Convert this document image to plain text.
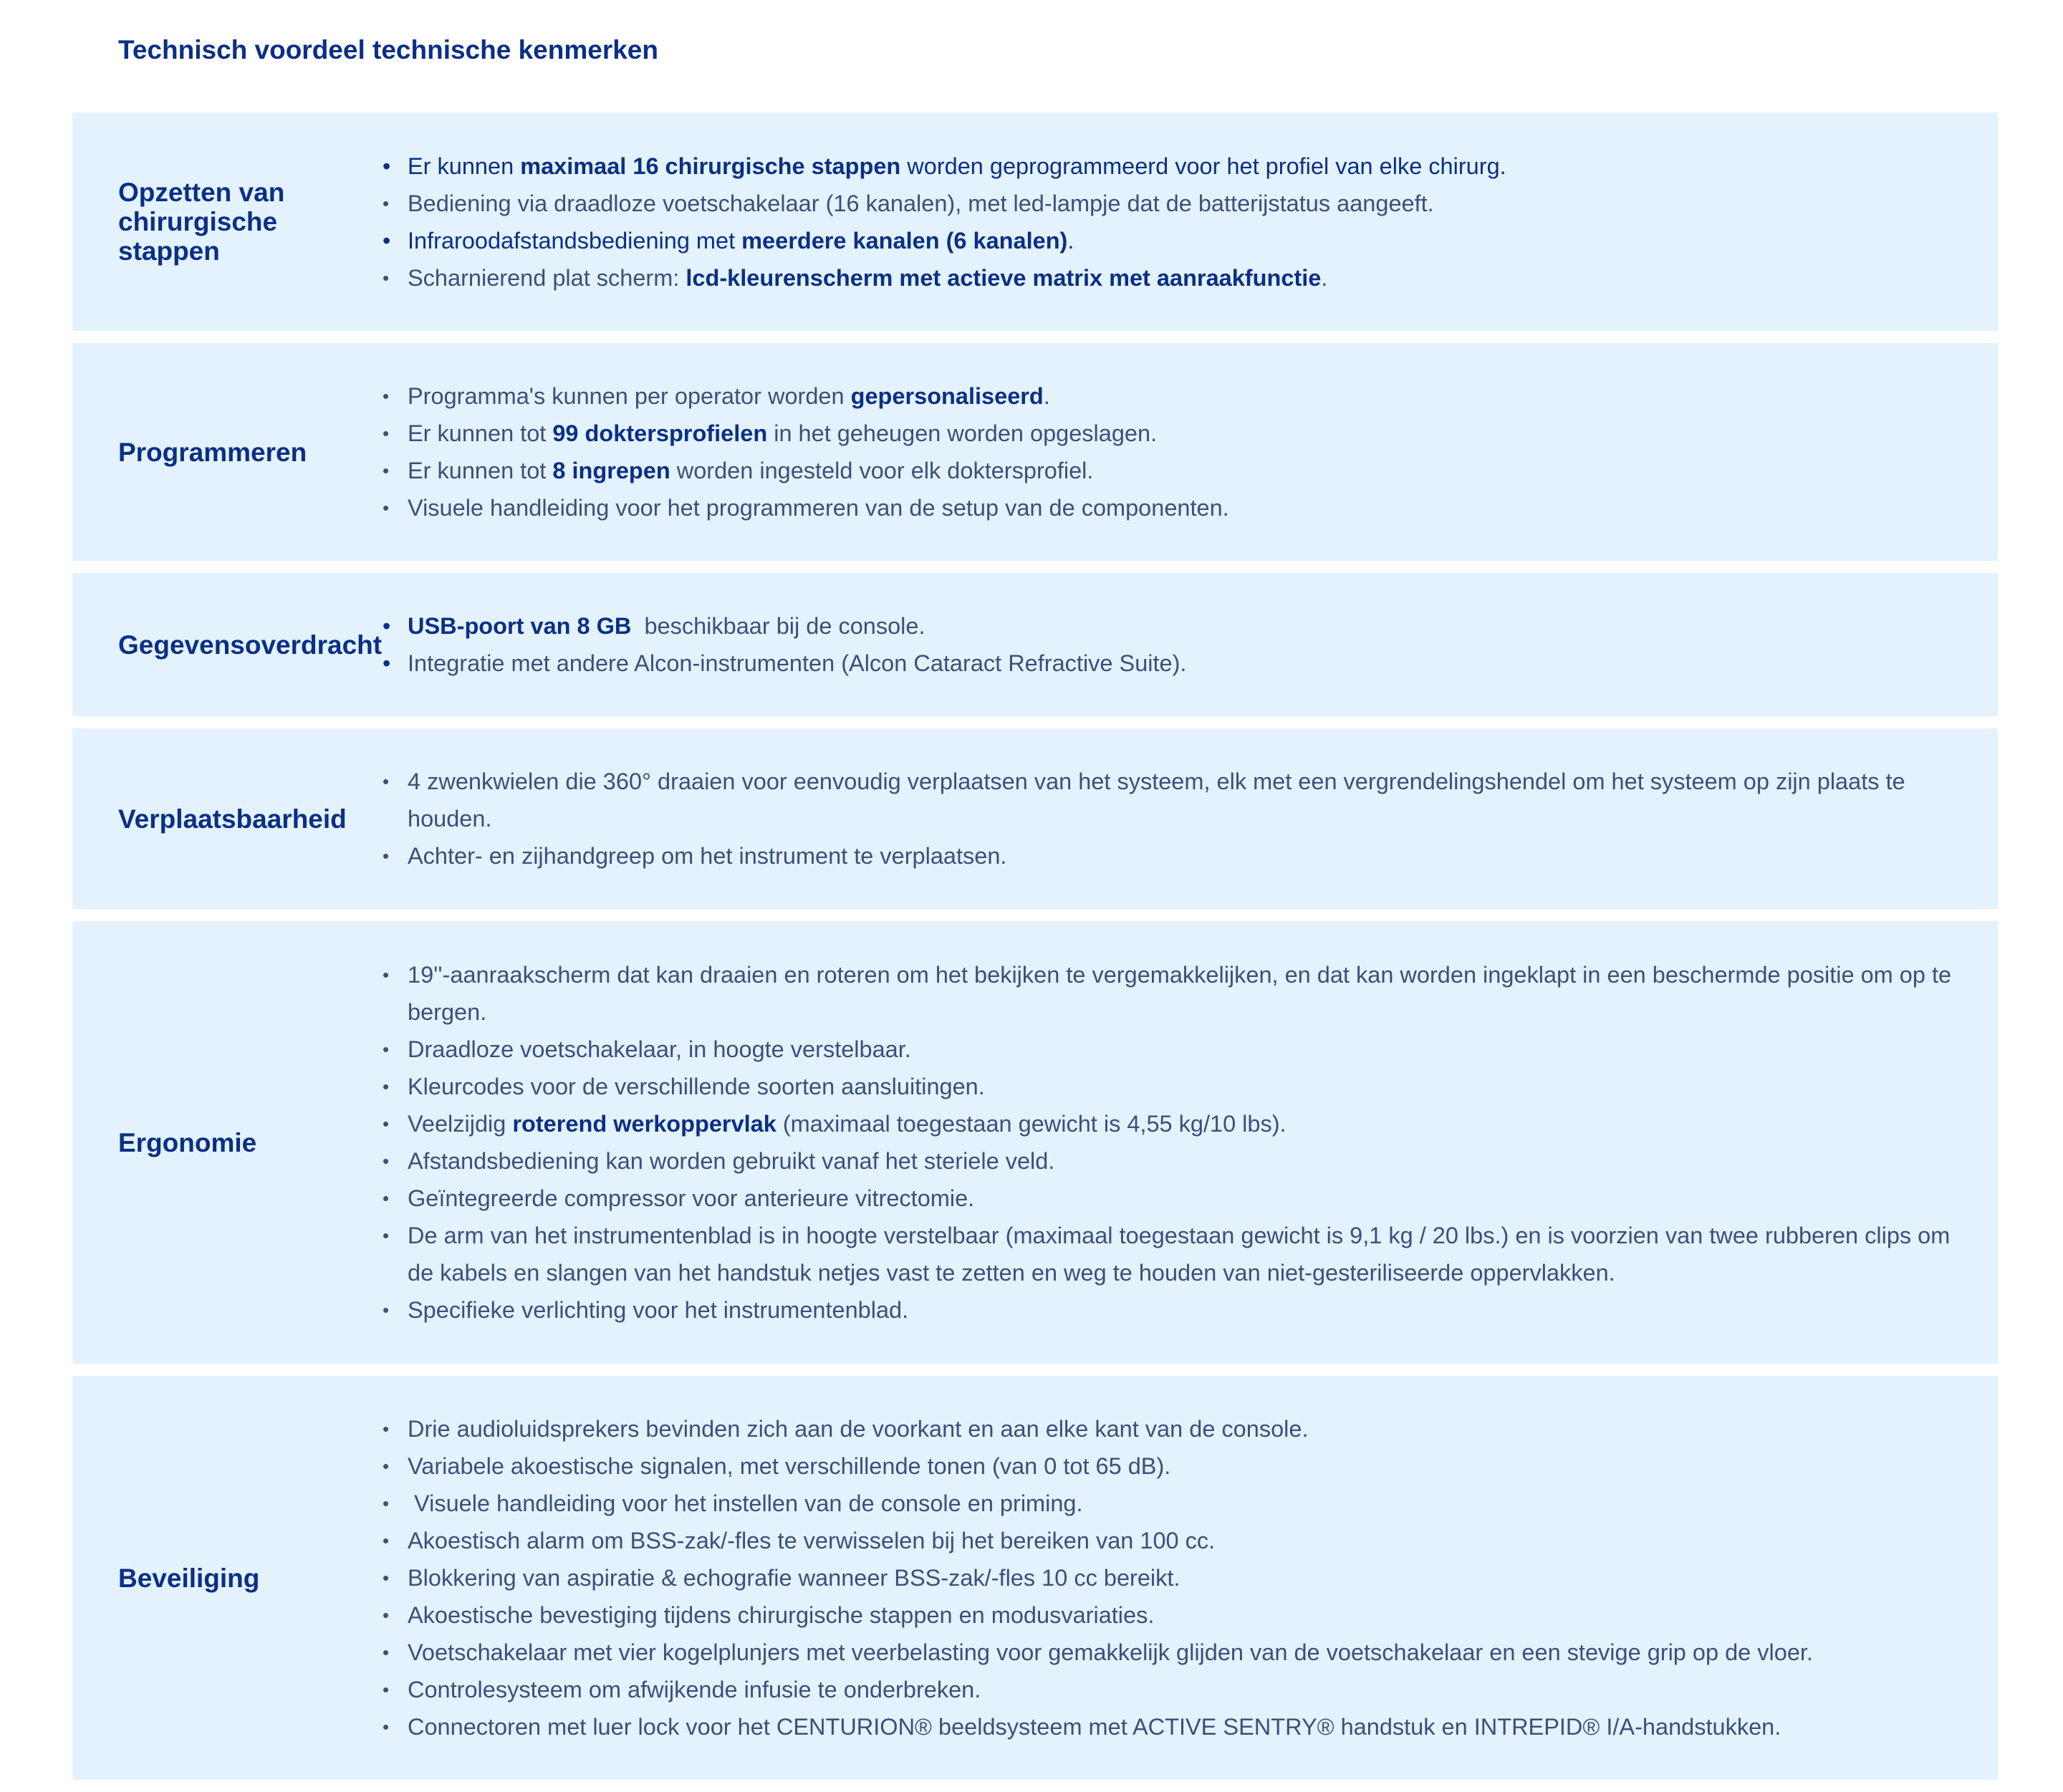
Technisch voordeel technische kenmerken
Opzetten van chirurgische stappen
• Er kunnen maximaal 16 chirurgische stappen worden geprogrammeerd voor het profiel van elke chirurg.
• Bediening via draadloze voetschakelaar (16 kanalen), met led-lampje dat de batterijstatus aangeeft.
• Infraroodafstandsbediening met meerdere kanalen (6 kanalen).
• Scharnierend plat scherm: lcd-kleurenscherm met actieve matrix met aanraakfunctie.
Programmeren
• Programma's kunnen per operator worden gepersonaliseerd.
• Er kunnen tot 99 doktersprofielen in het geheugen worden opgeslagen.
• Er kunnen tot 8 ingrepen worden ingesteld voor elk doktersprofiel.
• Visuele handleiding voor het programmeren van de setup van de componenten.
Gegevensoverdracht
• USB-poort van 8 GB  beschikbaar bij de console.
• Integratie met andere Alcon-instrumenten (Alcon Cataract Refractive Suite).
Verplaatsbaarheid
• 4 zwenkwielen die 360° draaien voor eenvoudig verplaatsen van het systeem, elk met een vergrendelingshendel om het systeem op zijn plaats te houden.
• Achter- en zijhandgreep om het instrument te verplaatsen.
Ergonomie
• 19''-aanraakscherm dat kan draaien en roteren om het bekijken te vergemakkelijken, en dat kan worden ingeklapt in een beschermde positie om op te bergen.
• Draadloze voetschakelaar, in hoogte verstelbaar.
• Kleurcodes voor de verschillende soorten aansluitingen.
• Veelzijdig roterend werkoppervlak (maximaal toegestaan gewicht is 4,55 kg/10 lbs).
• Afstandsbediening kan worden gebruikt vanaf het steriele veld.
• Geïntegreerde compressor voor anterieure vitrectomie.
• De arm van het instrumentenblad is in hoogte verstelbaar (maximaal toegestaan gewicht is 9,1 kg / 20 lbs.) en is voorzien van twee rubberen clips om de kabels en slangen van het handstuk netjes vast te zetten en weg te houden van niet-gesteriliseerde oppervlakken.
• Specifieke verlichting voor het instrumentenblad.
Beveiliging
• Drie audioluidsprekers bevinden zich aan de voorkant en aan elke kant van de console.
• Variabele akoestische signalen, met verschillende tonen (van 0 tot 65 dB).
•  Visuele handleiding voor het instellen van de console en priming.
• Akoestisch alarm om BSS-zak/-fles te verwisselen bij het bereiken van 100 cc.
• Blokkering van aspiratie & echografie wanneer BSS-zak/-fles 10 cc bereikt.
• Akoestische bevestiging tijdens chirurgische stappen en modusvariaties.
• Voetschakelaar met vier kogelplunjers met veerbelasting voor gemakkelijk glijden van de voetschakelaar en een stevige grip op de vloer.
• Controlesysteem om afwijkende infusie te onderbreken.
• Connectoren met luer lock voor het CENTURION® beeldsysteem met ACTIVE SENTRY® handstuk en INTREPID® I/A-handstukken.
